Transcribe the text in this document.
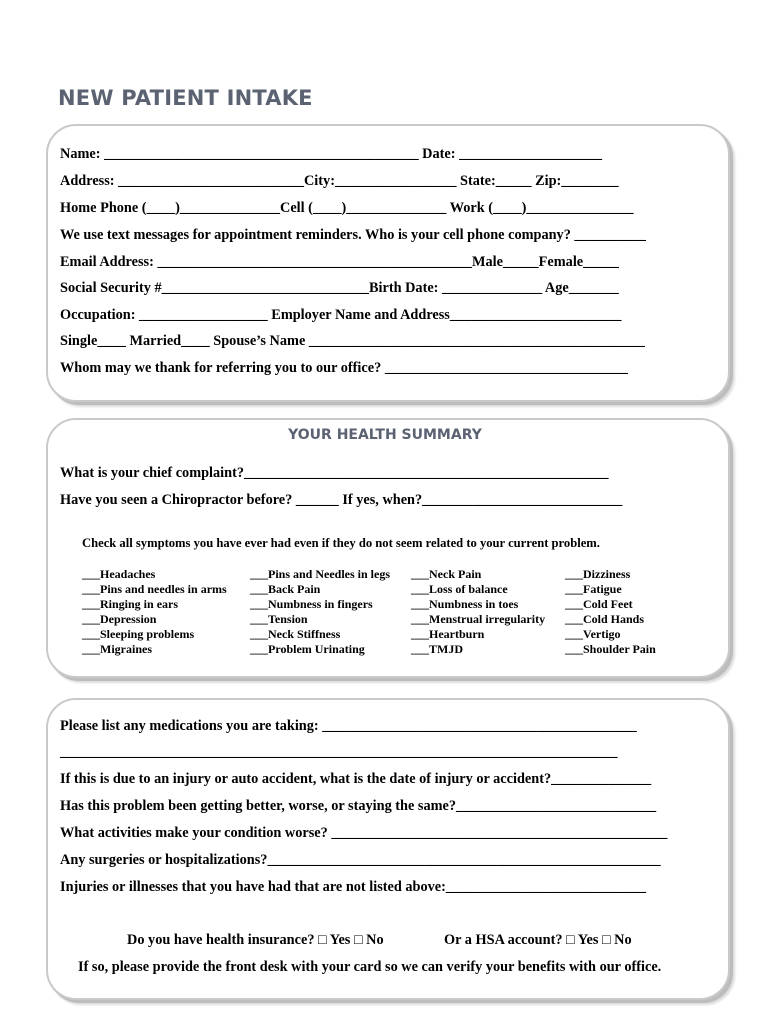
NEW PATIENT INTAKE
Name: ____________________________________________ Date: ____________________
Address: __________________________City:_________________ State:_____ Zip:________
Home Phone (____)______________Cell (____)______________ Work (____)_______________
We use text messages for appointment reminders. Who is your cell phone company? __________
Email Address: ____________________________________________Male_____Female_____
Social Security #_____________________________Birth Date: ______________ Age_______
Occupation: __________________ Employer Name and Address________________________
Single____ Married____ Spouse’s Name _______________________________________________
Whom may we thank for referring you to our office? __________________________________
YOUR HEALTH SUMMARY
What is your chief complaint?___________________________________________________
Have you seen a Chiropractor before? ______ If yes, when?____________________________
Check all symptoms you have ever had even if they do not seem related to your current problem.
___Headaches
___Pins and needles in arms
___Ringing in ears
___Depression
___Sleeping problems
___Migraines
___Pins and Needles in legs
___Back Pain
___Numbness in fingers
___Tension
___Neck Stiffness
___Problem Urinating
___Neck Pain
___Loss of balance
___Numbness in toes
___Menstrual irregularity
___Heartburn
___TMJD
___Dizziness
___Fatigue
___Cold Feet
___Cold Hands
___Vertigo
___Shoulder Pain
Please list any medications you are taking: ____________________________________________
______________________________________________________________________________
If this is due to an injury or auto accident, what is the date of injury or accident?______________
Has this problem been getting better, worse, or staying the same?____________________________
What activities make your condition worse? _______________________________________________
Any surgeries or hospitalizations?_______________________________________________________
Injuries or illnesses that you have had that are not listed above:____________________________
Do you have health insurance? □ Yes □ No	Or a HSA account? □ Yes □ No
If so, please provide the front desk with your card so we can verify your benefits with our office.
